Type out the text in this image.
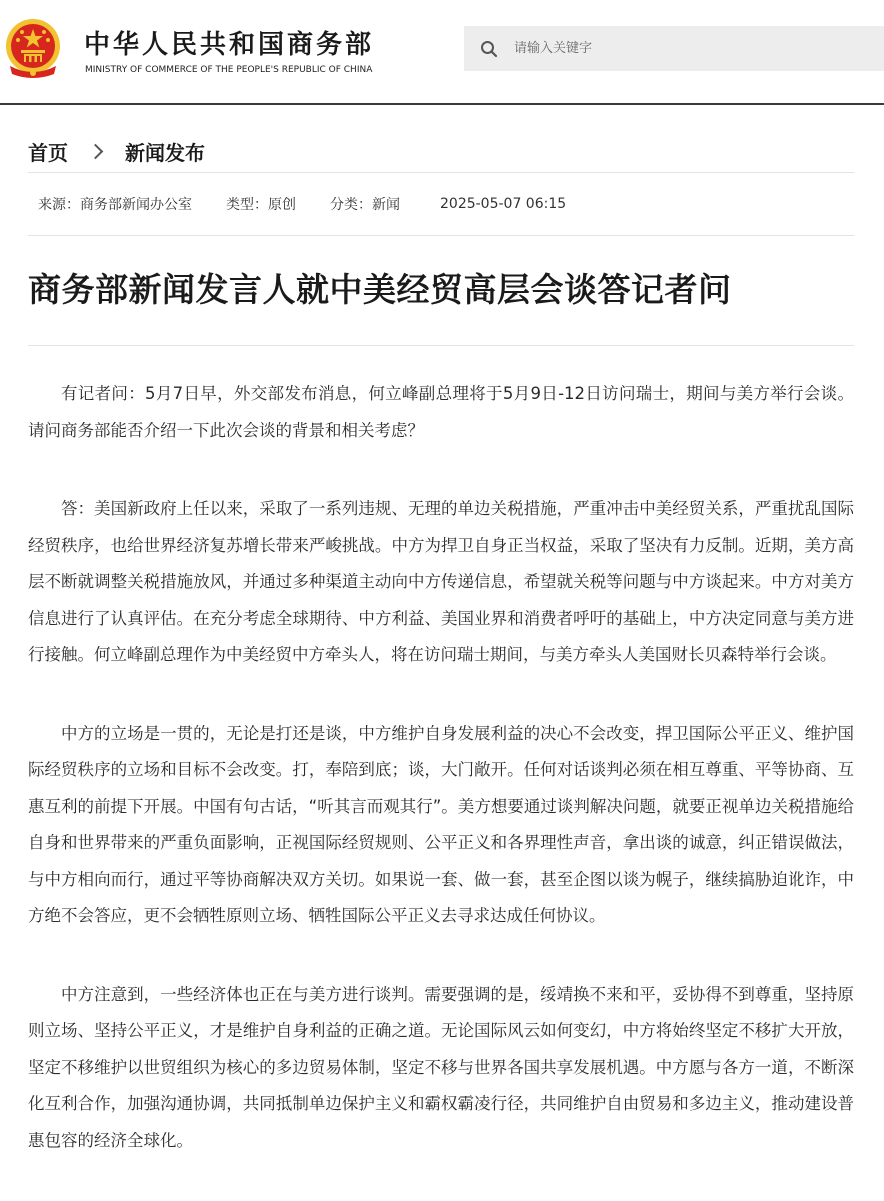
中华人民共和国商务部
MINISTRY OF COMMERCE OF THE PEOPLE'S REPUBLIC OF CHINA
请输入关键字
首页	新闻发布
来源：商务部新闻办公室 类型：原创 分类：新闻	2025-05-07 06:15
商务部新闻发言人就中美经贸高层会谈答记者问

有记者问：5月7日早，外交部发布消息，何立峰副总理将于5月9日-12日访问瑞士，期间与美方举行会谈。请问商务部能否介绍一下此次会谈的背景和相关考虑？

答：美国新政府上任以来，采取了一系列违规、无理的单边关税措施，严重冲击中美经贸关系，严重扰乱国际经贸秩序，也给世界经济复苏增长带来严峻挑战。中方为捍卫自身正当权益，采取了坚决有力反制。近期，美方高层不断就调整关税措施放风，并通过多种渠道主动向中方传递信息，希望就关税等问题与中方谈起来。中方对美方信息进行了认真评估。在充分考虑全球期待、中方利益、美国业界和消费者呼吁的基础上，中方决定同意与美方进行接触。何立峰副总理作为中美经贸中方牵头人，将在访问瑞士期间，与美方牵头人美国财长贝森特举行会谈。

中方的立场是一贯的，无论是打还是谈，中方维护自身发展利益的决心不会改变，捍卫国际公平正义、维护国际经贸秩序的立场和目标不会改变。打，奉陪到底；谈，大门敞开。任何对话谈判必须在相互尊重、平等协商、互惠互利的前提下开展。中国有句古话，“听其言而观其行”。美方想要通过谈判解决问题，就要正视单边关税措施给自身和世界带来的严重负面影响，正视国际经贸规则、公平正义和各界理性声音，拿出谈的诚意，纠正错误做法，与中方相向而行，通过平等协商解决双方关切。如果说一套、做一套，甚至企图以谈为幌子，继续搞胁迫讹诈，中方绝不会答应，更不会牺牲原则立场、牺牲国际公平正义去寻求达成任何协议。

中方注意到，一些经济体也正在与美方进行谈判。需要强调的是，绥靖换不来和平，妥协得不到尊重，坚持原则立场、坚持公平正义，才是维护自身利益的正确之道。无论国际风云如何变幻，中方将始终坚定不移扩大开放，坚定不移维护以世贸组织为核心的多边贸易体制，坚定不移与世界各国共享发展机遇。中方愿与各方一道，不断深化互利合作，加强沟通协调，共同抵制单边保护主义和霸权霸凌行径，共同维护自由贸易和多边主义，推动建设普惠包容的经济全球化。
